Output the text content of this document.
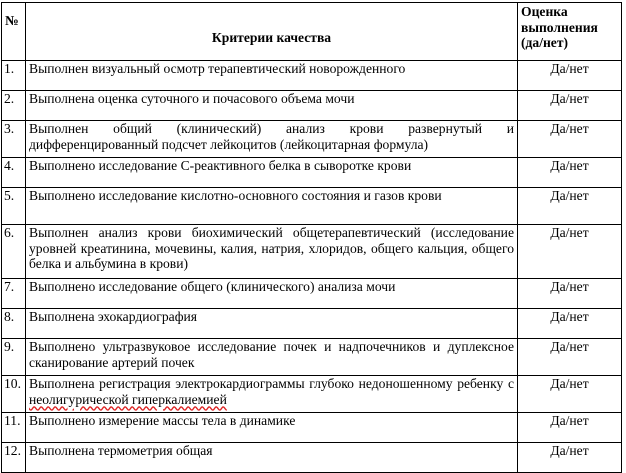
№	Критерии качества	Оценка
выполнения
(да/нет)
1.	Выполнен визуальный осмотр терапевтический новорожденного	Да/нет
2.	Выполнена оценка суточного и почасового объема мочи	Да/нет
3.	Выполнен общий (клинический) анализ крови развернутый и дифференцированный подсчет лейкоцитов (лейкоцитарная формула)	Да/нет
4.	Выполнено исследование С-реактивного белка в сыворотке крови	Да/нет
5.	Выполнено исследование кислотно-основного состояния и газов крови	Да/нет
6.	Выполнен анализ крови биохимический общетерапевтический (исследование уровней креатинина, мочевины, калия, натрия, хлоридов, общего кальция, общего белка и альбумина в крови)	Да/нет
7.	Выполнено исследование общего (клинического) анализа мочи	Да/нет
8.	Выполнена эхокардиография	Да/нет
9.	Выполнено ультразвуковое исследование почек и надпочечников и дуплексное сканирование артерий почек	Да/нет
10.	Выполнена регистрация электрокардиограммы глубоко недоношенному ребенку с неолигурической гиперкалиемией	Да/нет
11.	Выполнено измерение массы тела в динамике	Да/нет
12.	Выполнена термометрия общая	Да/нет
